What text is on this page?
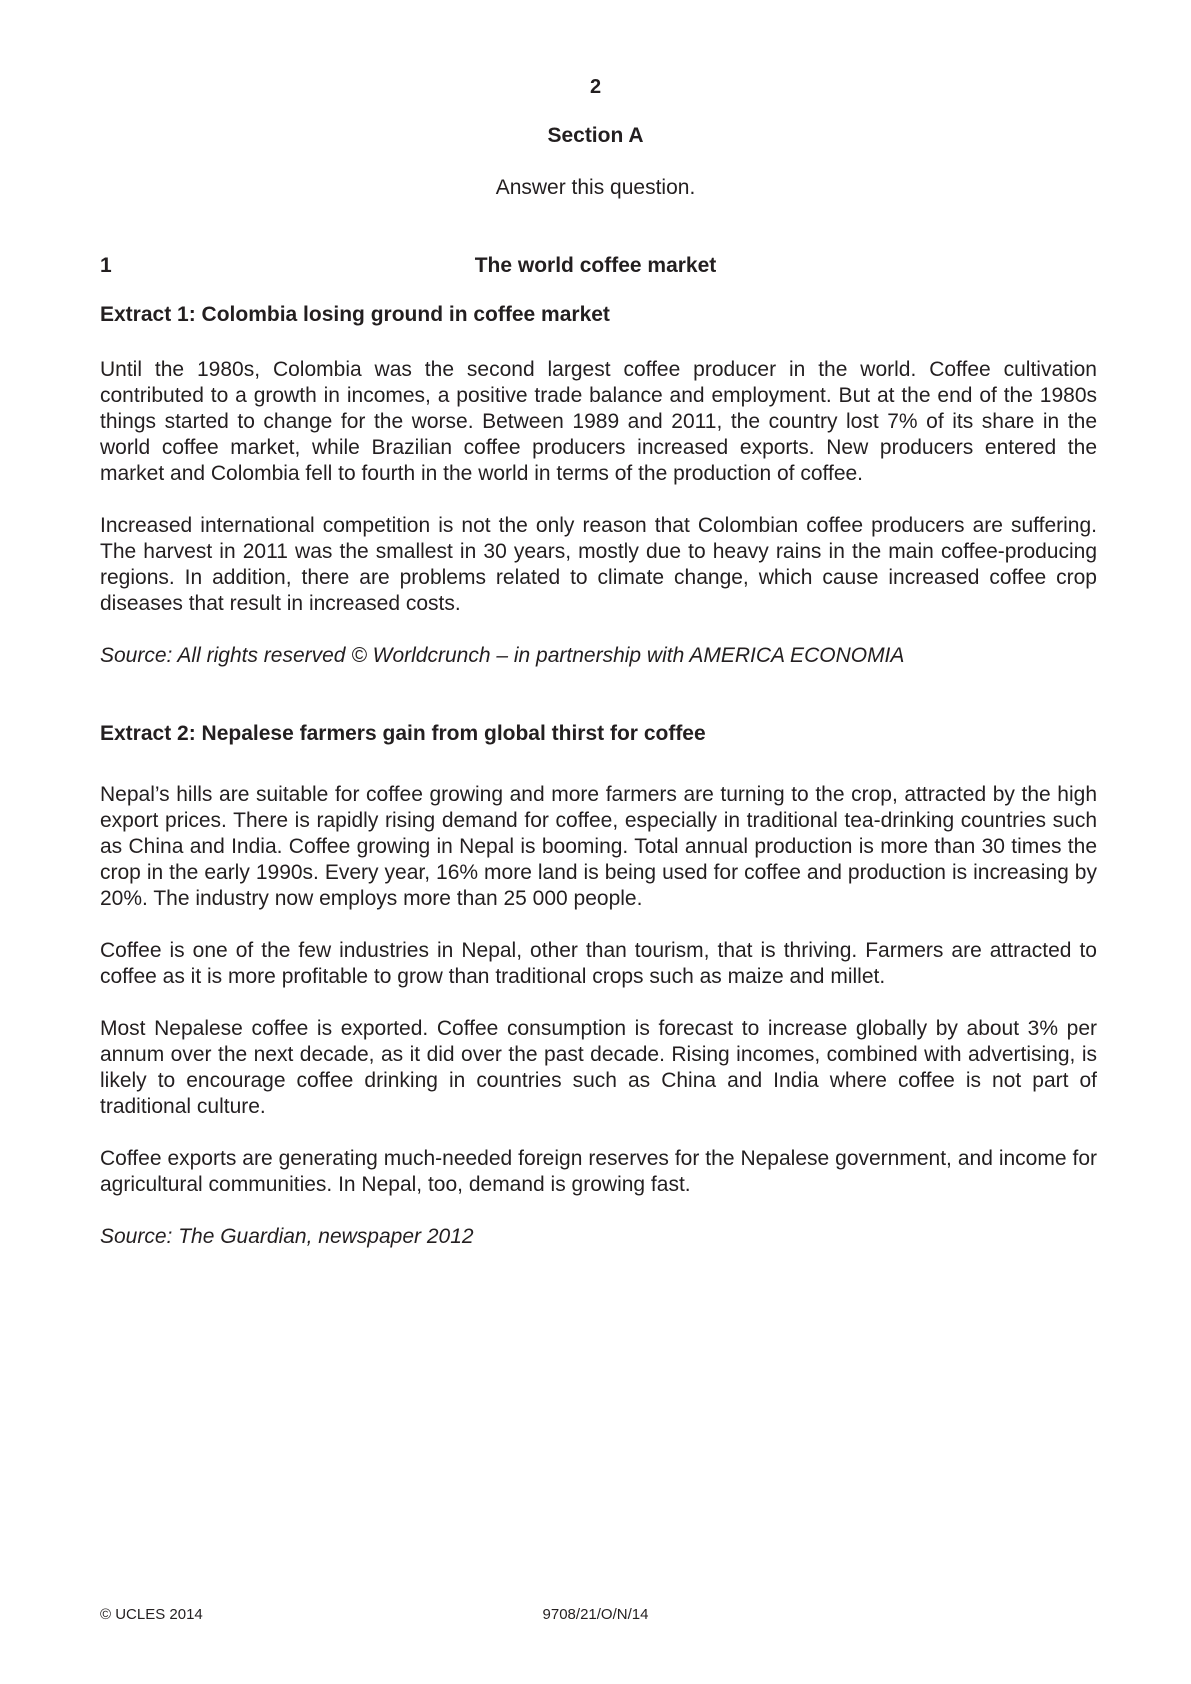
2
Section A
Answer this question.
1	The world coffee market
Extract 1: Colombia losing ground in coffee market

Until the 1980s, Colombia was the second largest coffee producer in the world. Coffee cultivation contributed to a growth in incomes, a positive trade balance and employment. But at the end of the 1980s things started to change for the worse. Between 1989 and 2011, the country lost 7% of its share in the world coffee market, while Brazilian coffee producers increased exports. New producers entered the market and Colombia fell to fourth in the world in terms of the production of coffee.

Increased international competition is not the only reason that Colombian coffee producers are suffering. The harvest in 2011 was the smallest in 30 years, mostly due to heavy rains in the main coffee-producing regions. In addition, there are problems related to climate change, which cause increased coffee crop diseases that result in increased costs.

Source: All rights reserved © Worldcrunch – in partnership with AMERICA ECONOMIA
Extract 2: Nepalese farmers gain from global thirst for coffee

Nepal’s hills are suitable for coffee growing and more farmers are turning to the crop, attracted by the high export prices. There is rapidly rising demand for coffee, especially in traditional tea-drinking countries such as China and India. Coffee growing in Nepal is booming. Total annual production is more than 30 times the crop in the early 1990s. Every year, 16% more land is being used for coffee and production is increasing by 20%. The industry now employs more than 25 000 people.

Coffee is one of the few industries in Nepal, other than tourism, that is thriving. Farmers are attracted to coffee as it is more profitable to grow than traditional crops such as maize and millet.

Most Nepalese coffee is exported. Coffee consumption is forecast to increase globally by about 3% per annum over the next decade, as it did over the past decade. Rising incomes, combined with advertising, is likely to encourage coffee drinking in countries such as China and India where coffee is not part of traditional culture.

Coffee exports are generating much-needed foreign reserves for the Nepalese government, and income for agricultural communities. In Nepal, too, demand is growing fast.

Source: The Guardian, newspaper 2012
© UCLES 2014	9708/21/O/N/14
